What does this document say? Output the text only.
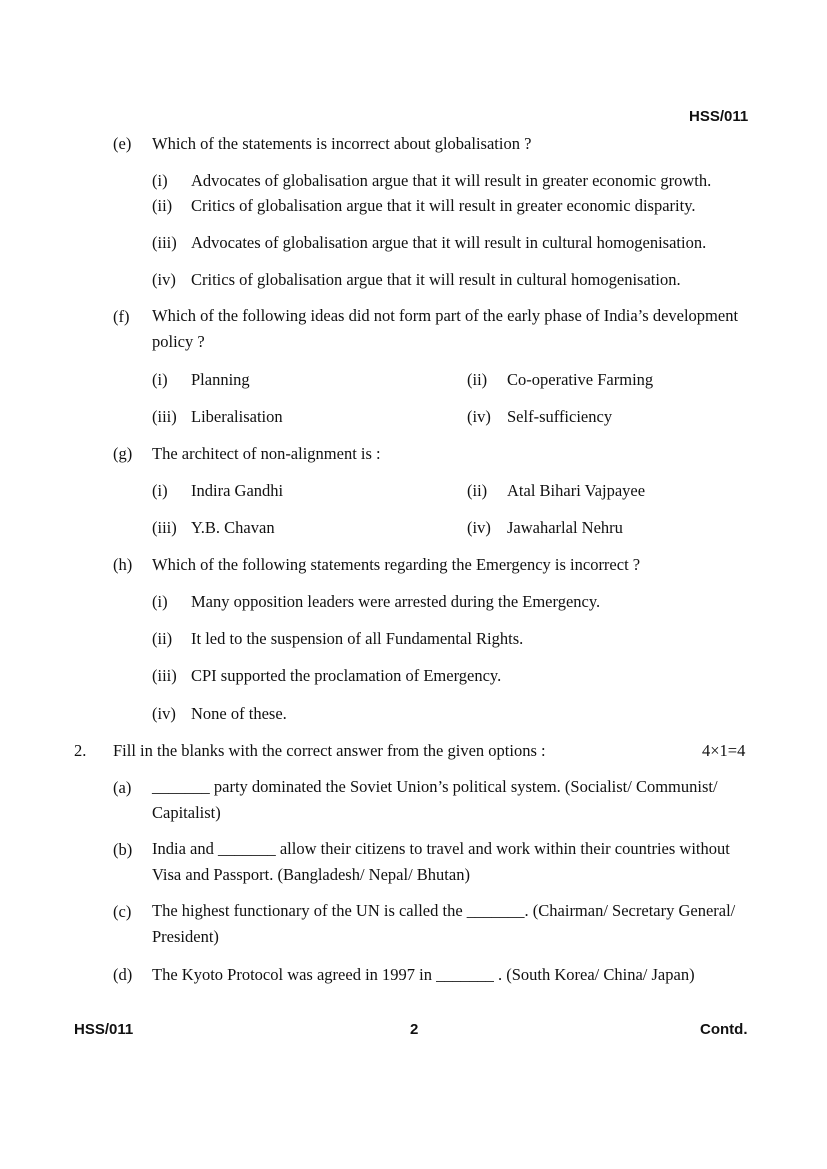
HSS/011
(e) Which of the statements is incorrect about globalisation ?
(i) Advocates of globalisation argue that it will result in greater economic growth.
(ii) Critics of globalisation argue that it will result in greater economic disparity.
(iii) Advocates of globalisation argue that it will result in cultural homogenisation.
(iv) Critics of globalisation argue that it will result in cultural homogenisation.
(f) Which of the following ideas did not form part of the early phase of India’s development policy ?
(i) Planning	(ii) Co-operative Farming
(iii) Liberalisation	(iv) Self-sufficiency
(g) The architect of non-alignment is :
(i) Indira Gandhi	(ii) Atal Bihari Vajpayee
(iii) Y.B. Chavan	(iv) Jawaharlal Nehru
(h) Which of the following statements regarding the Emergency is incorrect ?
(i) Many opposition leaders were arrested during the Emergency.
(ii) It led to the suspension of all Fundamental Rights.
(iii) CPI supported the proclamation of Emergency.
(iv) None of these.
2. Fill in the blanks with the correct answer from the given options :	4×1=4
(a) _______ party dominated the Soviet Union’s political system. (Socialist/ Communist/ Capitalist)
(b) India and _______ allow their citizens to travel and work within their countries without Visa and Passport. (Bangladesh/ Nepal/ Bhutan)
(c) The highest functionary of the UN is called the _______. (Chairman/ Secretary General/ President)
(d) The Kyoto Protocol was agreed in 1997 in _______ . (South Korea/ China/ Japan)
HSS/011	2	Contd.
